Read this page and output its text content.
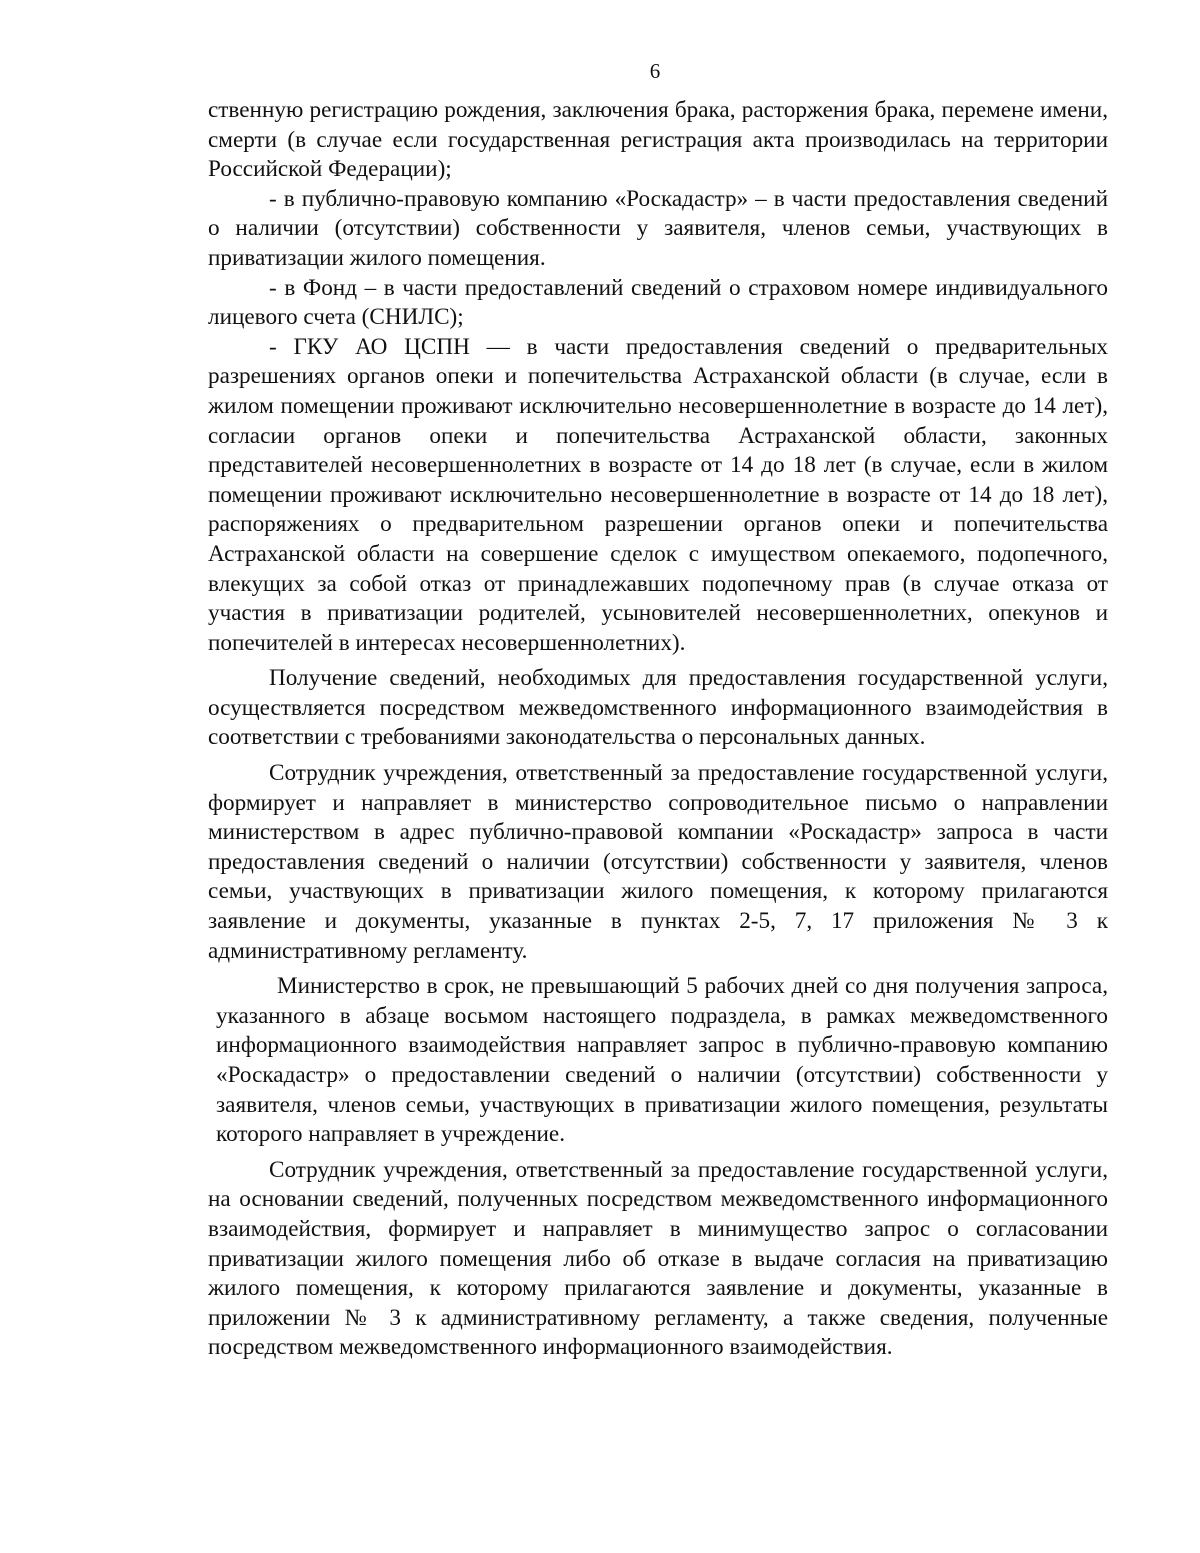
6

ственную регистрацию рождения, заключения брака, расторжения брака, перемене имени, смерти (в случае если государственная регистрация акта производилась на территории Российской Федерации);

- в публично-правовую компанию «Роскадастр» – в части предоставления сведений о наличии (отсутствии) собственности у заявителя, членов семьи, участвующих в приватизации жилого помещения.

- в Фонд – в части предоставлений сведений о страховом номере индивидуального лицевого счета (СНИЛС);

- ГКУ АО ЦСПН — в части предоставления сведений о предварительных разрешениях органов опеки и попечительства Астраханской области (в случае, если в жилом помещении проживают исключительно несовершеннолетние в возрасте до 14 лет), согласии органов опеки и попечительства Астраханской области, законных представителей несовершеннолетних в возрасте от 14 до 18 лет (в случае, если в жилом помещении проживают исключительно несовершеннолетние в возрасте от 14 до 18 лет), распоряжениях о предварительном разрешении органов опеки и попечительства Астраханской области на совершение сделок с имуществом опекаемого, подопечного, влекущих за собой отказ от принадлежавших подопечному прав (в случае отказа от участия в приватизации родителей, усыновителей несовершеннолетних, опекунов и попечителей в интересах несовершеннолетних).

Получение сведений, необходимых для предоставления государственной услуги, осуществляется посредством межведомственного информационного взаимодействия в соответствии с требованиями законодательства о персональных данных.

Сотрудник учреждения, ответственный за предоставление государственной услуги, формирует и направляет в министерство сопроводительное письмо о направлении министерством в адрес публично-правовой компании «Роскадастр» запроса в части предоставления сведений о наличии (отсутствии) собственности у заявителя, членов семьи, участвующих в приватизации жилого помещения, к которому прилагаются заявление и документы, указанные в пунктах 2-5, 7, 17 приложения № 3 к административному регламенту.

Министерство в срок, не превышающий 5 рабочих дней со дня получения запроса, указанного в абзаце восьмом настоящего подраздела, в рамках межведомственного информационного взаимодействия направляет запрос в публично-правовую компанию «Роскадастр» о предоставлении сведений о наличии (отсутствии) собственности у заявителя, членов семьи, участвующих в приватизации жилого помещения, результаты которого направляет в учреждение.

Сотрудник учреждения, ответственный за предоставление государственной услуги, на основании сведений, полученных посредством межведомственного информационного взаимодействия, формирует и направляет в минимущество запрос о согласовании приватизации жилого помещения либо об отказе в выдаче согласия на приватизацию жилого помещения, к которому прилагаются заявление и документы, указанные в приложении № 3 к административному регламенту, а также сведения, полученные посредством межведомственного информационного взаимодействия.
